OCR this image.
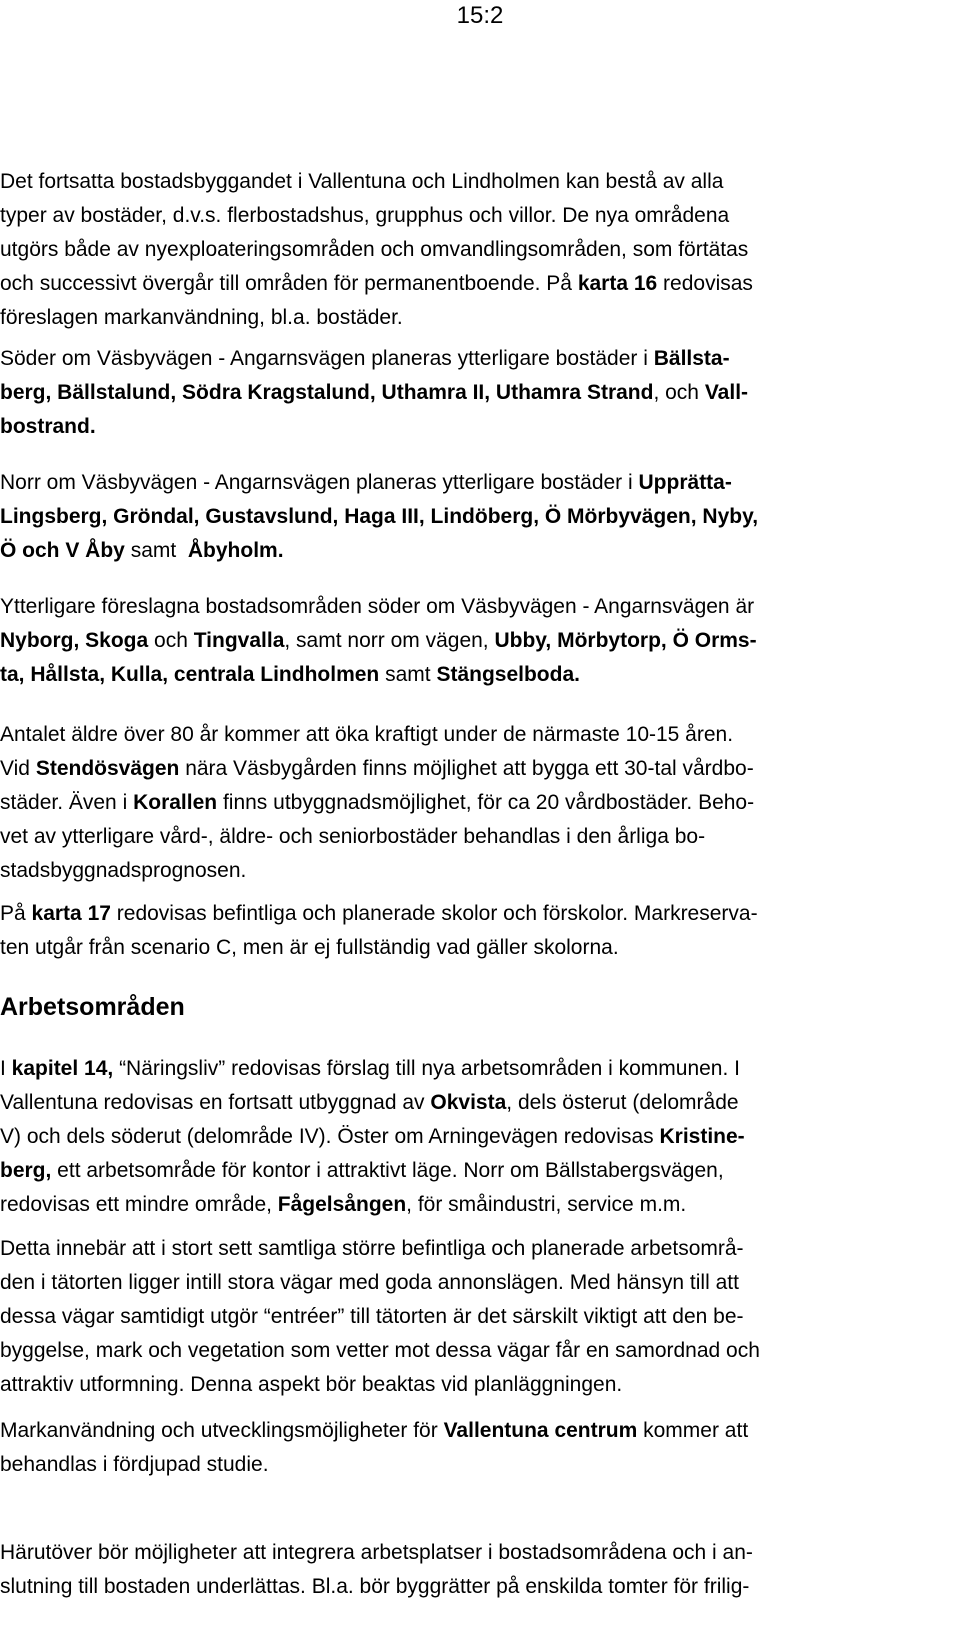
15:2

Det fortsatta bostadsbyggandet i Vallentuna och Lindholmen kan bestå av alla
typer av bostäder, d.v.s. flerbostadshus, grupphus och villor. De nya områdena
utgörs både av nyexploateringsområden och omvandlingsområden, som förtätas
och successivt övergår till områden för permanentboende. På karta 16 redovisas
föreslagen markanvändning, bl.a. bostäder.

Söder om Väsbyvägen - Angarnsvägen planeras ytterligare bostäder i Bällsta-
berg, Bällstalund, Södra Kragstalund, Uthamra II, Uthamra Strand, och Vall-
bostrand.

Norr om Väsbyvägen - Angarnsvägen planeras ytterligare bostäder i Upprätta-
Lingsberg, Gröndal, Gustavslund, Haga III, Lindöberg, Ö Mörbyvägen, Nyby,
Ö och V Åby samt  Åbyholm.

Ytterligare föreslagna bostadsområden söder om Väsbyvägen - Angarnsvägen är
Nyborg, Skoga och Tingvalla, samt norr om vägen, Ubby, Mörbytorp, Ö Orms-
ta, Hållsta, Kulla, centrala Lindholmen samt Stängselboda.

Antalet äldre över 80 år kommer att öka kraftigt under de närmaste 10-15 åren.
Vid Stendösvägen nära Väsbygården finns möjlighet att bygga ett 30-tal vårdbo-
städer. Även i Korallen finns utbyggnadsmöjlighet, för ca 20 vårdbostäder. Beho-
vet av ytterligare vård-, äldre- och seniorbostäder behandlas i den årliga bo-
stadsbyggnadsprognosen.

På karta 17 redovisas befintliga och planerade skolor och förskolor. Markreserva-
ten utgår från scenario C, men är ej fullständig vad gäller skolorna.

Arbetsområden

I kapitel 14, “Näringsliv” redovisas förslag till nya arbetsområden i kommunen. I
Vallentuna redovisas en fortsatt utbyggnad av Okvista, dels österut (delområde
V) och dels söderut (delområde IV). Öster om Arningevägen redovisas Kristine-
berg, ett arbetsområde för kontor i attraktivt läge. Norr om Bällstabergsvägen,
redovisas ett mindre område, Fågelsången, för småindustri, service m.m.

Detta innebär att i stort sett samtliga större befintliga och planerade arbetsområ-
den i tätorten ligger intill stora vägar med goda annonslägen. Med hänsyn till att
dessa vägar samtidigt utgör “entréer” till tätorten är det särskilt viktigt att den be-
byggelse, mark och vegetation som vetter mot dessa vägar får en samordnad och
attraktiv utformning. Denna aspekt bör beaktas vid planläggningen.

Markanvändning och utvecklingsmöjligheter för Vallentuna centrum kommer att
behandlas i fördjupad studie.

Härutöver bör möjligheter att integrera arbetsplatser i bostadsområdena och i an-
slutning till bostaden underlättas. Bl.a. bör byggrätter på enskilda tomter för frilig-
